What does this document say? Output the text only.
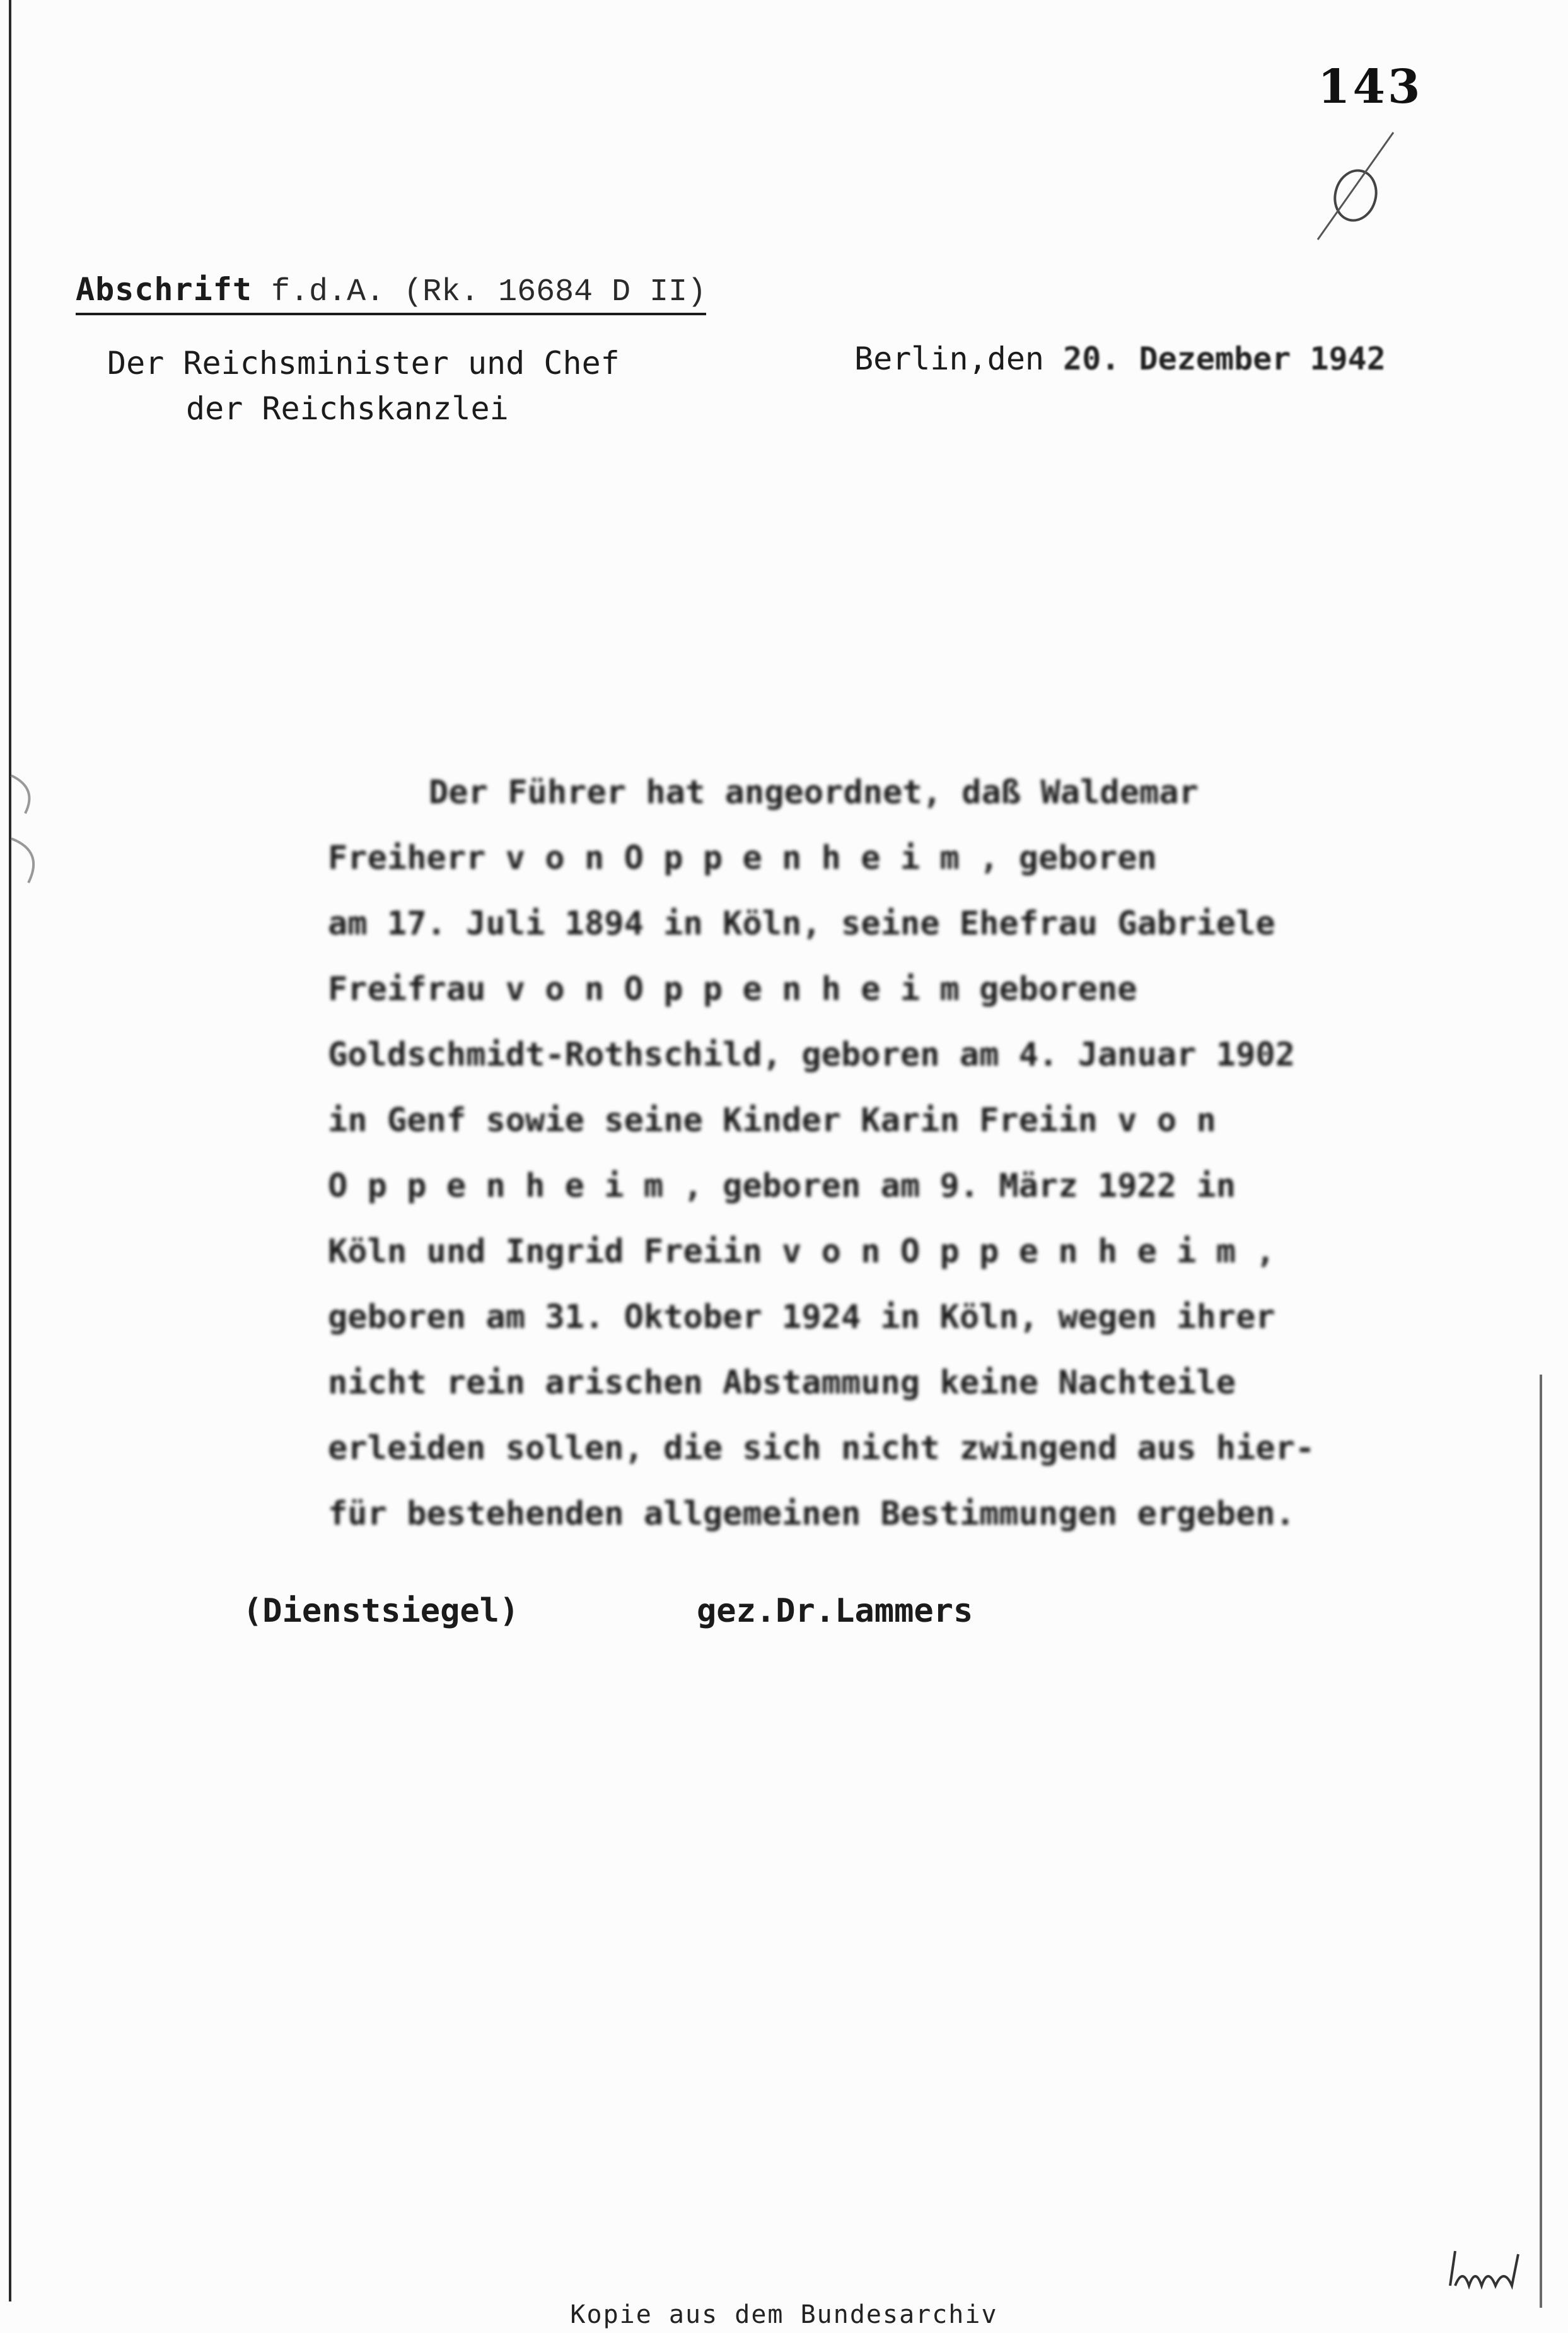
143
Abschrift f.d.A. (Rk. 16684 D II)
Der Reichsminister und Chef
der Reichskanzlei
Berlin,den 20. Dezember 1942
Der Führer hat angeordnet, daß Waldemar
Freiherr v o n O p p e n h e i m , geboren
am 17. Juli 1894 in Köln, seine Ehefrau Gabriele
Freifrau v o n O p p e n h e i m geborene
Goldschmidt-Rothschild, geboren am 4. Januar 1902
in Genf sowie seine Kinder Karin Freiin v o n
O p p e n h e i m , geboren am 9. März 1922 in
Köln und Ingrid Freiin v o n O p p e n h e i m ,
geboren am 31. Oktober 1924 in Köln, wegen ihrer
nicht rein arischen Abstammung keine Nachteile
erleiden sollen, die sich nicht zwingend aus hier-
für bestehenden allgemeinen Bestimmungen ergeben.
(Dienstsiegel)	gez.Dr.Lammers
Kopie aus dem Bundesarchiv
